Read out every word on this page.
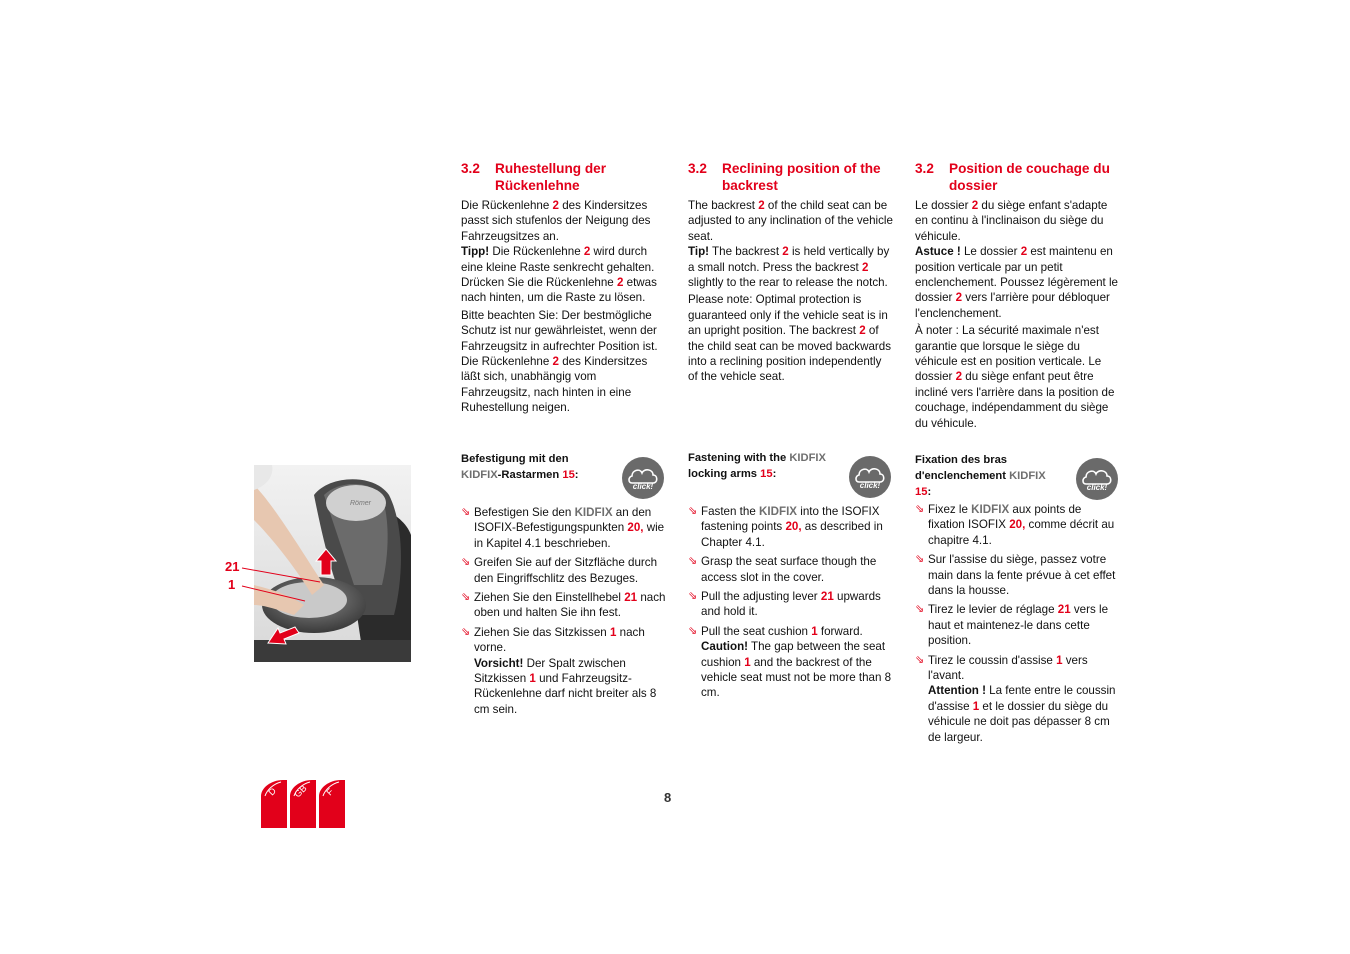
Römer
21
1
3.2	Ruhestellung der Rückenlehne

Die Rückenlehne 2 des Kindersitzes passt sich stufenlos der Neigung des Fahrzeugsitzes an.

Tipp! Die Rückenlehne 2 wird durch eine kleine Raste senkrecht gehalten. Drücken Sie die Rückenlehne 2 etwas nach hinten, um die Raste zu lösen.

Bitte beachten Sie: Der bestmögliche Schutz ist nur gewährleistet, wenn der Fahrzeugsitz in aufrechter Position ist. Die Rückenlehne 2 des Kindersitzes läßt sich, unabhängig vom Fahrzeugsitz, nach hinten in eine Ruhestellung neigen.

Befestigung mit den KIDFIX-Rastarmen 15:
click!
⇘ Befestigen Sie den KIDFIX an den ISOFIX-Befestigungspunkten 20, wie in Kapitel 4.1 beschrieben.
⇘ Greifen Sie auf der Sitzfläche durch den Eingriffschlitz des Bezuges.
⇘ Ziehen Sie den Einstellhebel 21 nach oben und halten Sie ihn fest.
⇘ Ziehen Sie das Sitzkissen 1 nach vorne.
Vorsicht! Der Spalt zwischen Sitzkissen 1 und Fahrzeugsitz-Rückenlehne darf nicht breiter als 8 cm sein.
3.2	Reclining position of the backrest

The backrest 2 of the child seat can be adjusted to any inclination of the vehicle seat.

Tip! The backrest 2 is held vertically by a small notch. Press the backrest 2 slightly to the rear to release the notch.

Please note: Optimal protection is guaranteed only if the vehicle seat is in an upright position. The backrest 2 of the child seat can be moved backwards into a reclining position independently of the vehicle seat.

Fastening with the KIDFIX locking arms 15:
click!
⇘ Fasten the KIDFIX into the ISOFIX fastening points 20, as described in Chapter 4.1.
⇘ Grasp the seat surface though the access slot in the cover.
⇘ Pull the adjusting lever 21 upwards and hold it.
⇘ Pull the seat cushion 1 forward.
Caution! The gap between the seat cushion 1 and the backrest of the vehicle seat must not be more than 8 cm.
3.2	Position de couchage du dossier

Le dossier 2 du siège enfant s'adapte en continu à l'inclinaison du siège du véhicule.

Astuce ! Le dossier 2 est maintenu en position verticale par un petit enclenchement. Poussez légèrement le dossier 2 vers l'arrière pour débloquer l'enclenchement.

À noter : La sécurité maximale n'est garantie que lorsque le siège du véhicule est en position verticale. Le dossier 2 du siège enfant peut être incliné vers l'arrière dans la position de couchage, indépendamment du siège du véhicule.

Fixation des bras d'enclenchement KIDFIX 15:	click!
⇘ Fixez le KIDFIX aux points de fixation ISOFIX 20, comme décrit au chapitre 4.1.
⇘ Sur l'assise du siège, passez votre main dans la fente prévue à cet effet dans la housse.
⇘ Tirez le levier de réglage 21 vers le haut et maintenez-le dans cette position.
⇘ Tirez le coussin d'assise 1 vers l'avant.
Attention ! La fente entre le coussin d'assise 1 et le dossier du siège du véhicule ne doit pas dépasser 8 cm de largeur.
8
D GB F
